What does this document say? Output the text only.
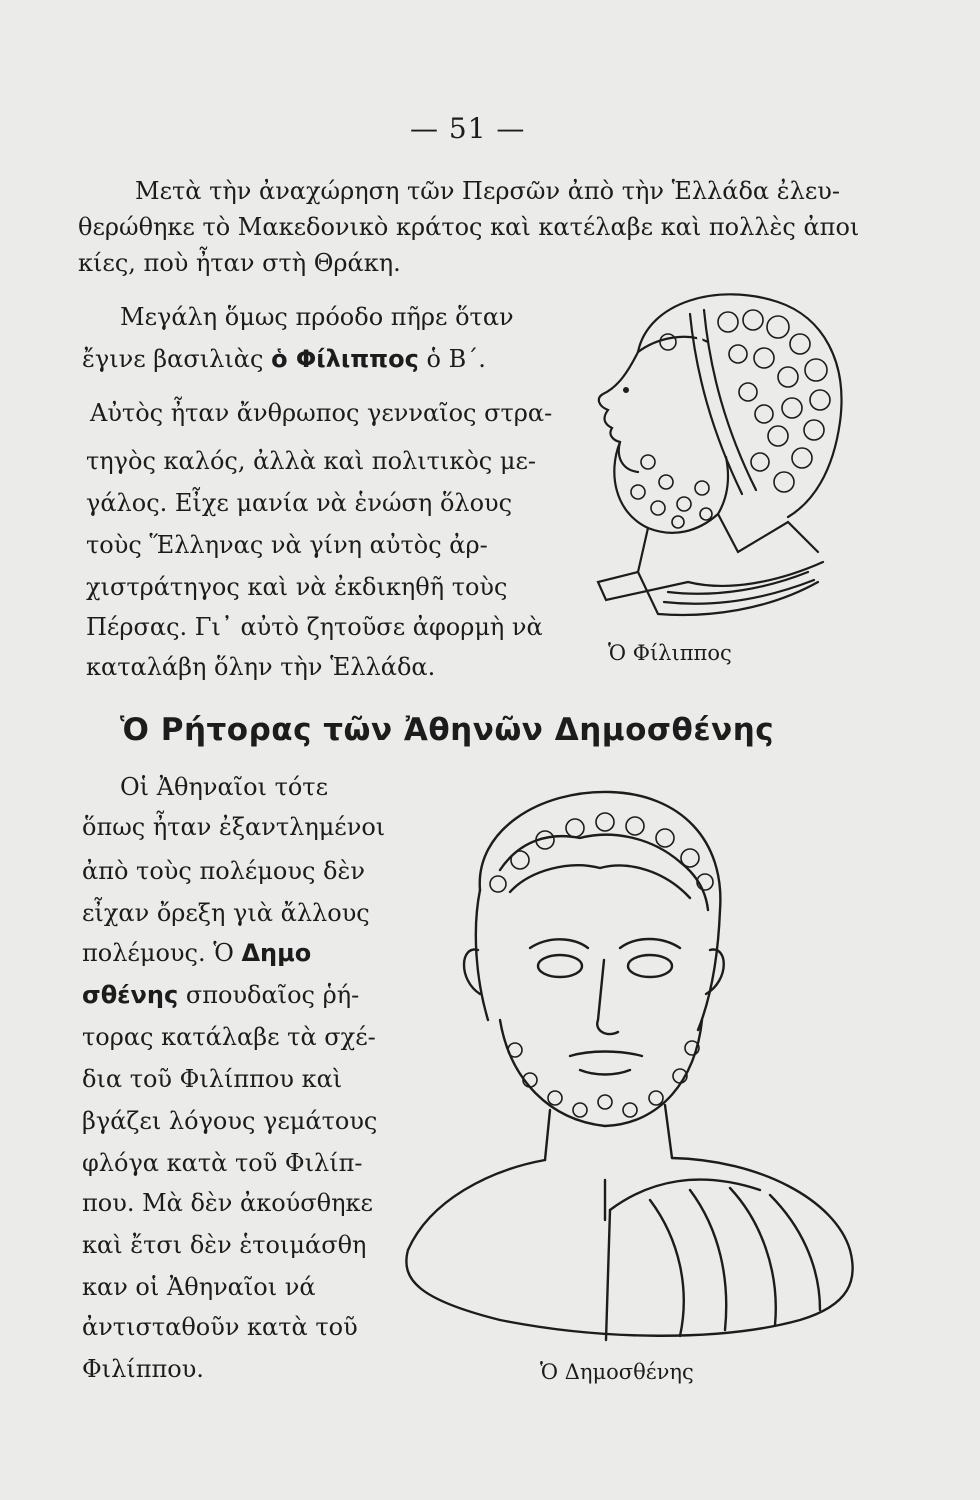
— 51 —
Μετὰ τὴν ἀναχώρηση τῶν Περσῶν ἀπὸ τὴν Ἑλλάδα ἐλευ-
θερώθηκε τὸ Μακεδονικὸ κράτος καὶ κατέλαβε καὶ πολλὲς ἀποι
κίες, ποὺ ἦταν στὴ Θράκη.
Μεγάλη ὅμως πρόοδο πῆρε ὅταν
ἔγινε βασιλιὰς ὁ Φίλιππος ὁ Β΄.
Αὐτὸς ἦταν ἄνθρωπος γενναῖος στρα-
τηγὸς καλός, ἀλλὰ καὶ πολιτικὸς με-
γάλος. Εἶχε μανία νὰ ἑνώση ὅλους
τοὺς Ἕλληνας νὰ γίνη αὐτὸς ἀρ-
χιστράτηγος καὶ νὰ ἐκδικηθῆ τοὺς
Πέρσας. Γι᾿ αὐτὸ ζητοῦσε ἀφορμὴ νὰ
καταλάβη ὅλην τὴν Ἑλλάδα.	Ὁ Φίλιππος
Ὁ Ρήτορας τῶν Ἀθηνῶν Δημοσθένης
Οἱ Ἀθηναῖοι τότε
ὅπως ἦταν ἐξαντλημένοι
ἀπὸ τοὺς πολέμους δὲν
εἶχαν ὄρεξη γιὰ ἄλλους
πολέμους. Ὁ Δημο
σθένης σπουδαῖος ῥή-
τορας κατάλαβε τὰ σχέ-
δια τοῦ Φιλίππου καὶ
βγάζει λόγους γεμάτους
φλόγα κατὰ τοῦ Φιλίπ-
που. Μὰ δὲν ἀκούσθηκε
καὶ ἔτσι δὲν ἑτοιμάσθη
καν οἱ Ἀθηναῖοι νά
ἀντισταθοῦν κατὰ τοῦ
Φιλίππου.	Ὁ Δημοσθένης
